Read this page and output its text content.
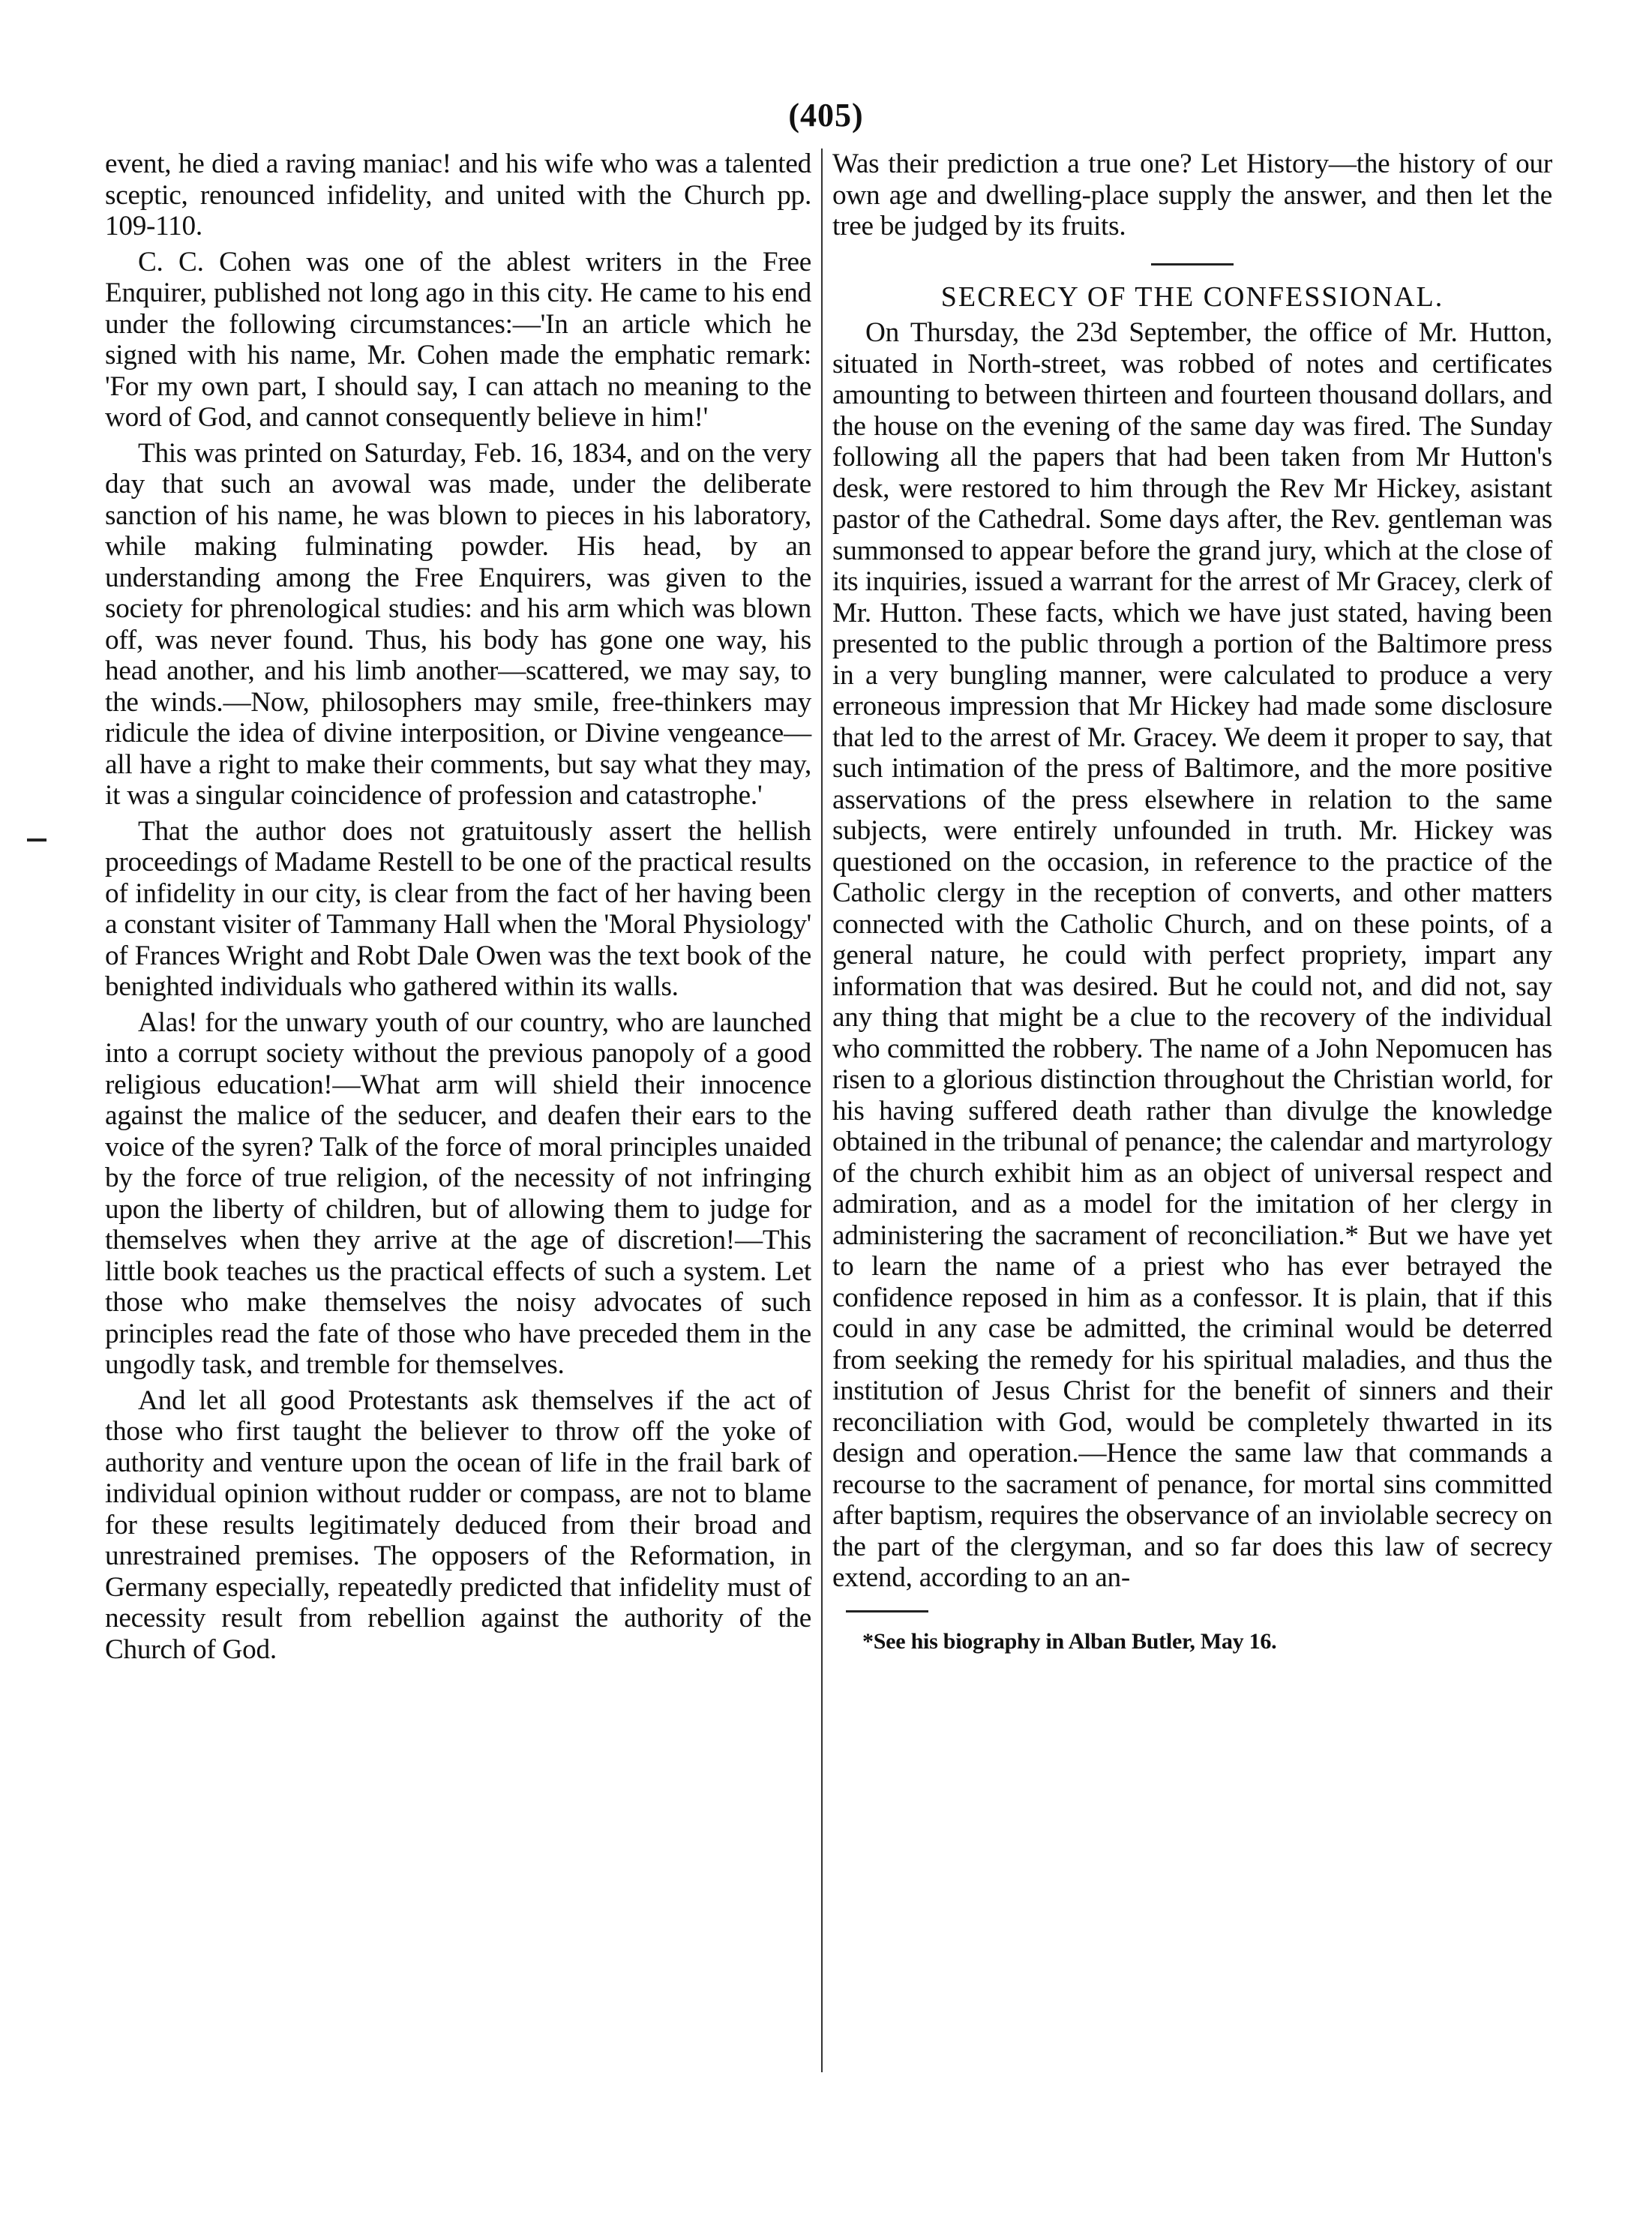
(405)

event, he died a raving maniac! and his wife who was a talented sceptic, renounced infidelity, and united with the Church pp. 109-110.

C. C. Cohen was one of the ablest writers in the Free Enquirer, published not long ago in this city. He came to his end under the following circumstances:—'In an article which he signed with his name, Mr. Cohen made the emphatic remark: 'For my own part, I should say, I can attach no meaning to the word of God, and cannot consequently believe in him!'

This was printed on Saturday, Feb. 16, 1834, and on the very day that such an avowal was made, under the deliberate sanction of his name, he was blown to pieces in his laboratory, while making fulminating powder. His head, by an understanding among the Free Enquirers, was given to the society for phrenological studies: and his arm which was blown off, was never found. Thus, his body has gone one way, his head another, and his limb another—scattered, we may say, to the winds.—Now, philosophers may smile, free-thinkers may ridicule the idea of divine interposition, or Divine vengeance—all have a right to make their comments, but say what they may, it was a singular coincidence of profession and catastrophe.'

That the author does not gratuitously assert the hellish proceedings of Madame Restell to be one of the practical results of infidelity in our city, is clear from the fact of her having been a constant visiter of Tammany Hall when the 'Moral Physiology' of Frances Wright and Robt Dale Owen was the text book of the benighted individuals who gathered within its walls.

Alas! for the unwary youth of our country, who are launched into a corrupt society without the previous panopoly of a good religious education!—What arm will shield their innocence against the malice of the seducer, and deafen their ears to the voice of the syren? Talk of the force of moral principles unaided by the force of true religion, of the necessity of not infringing upon the liberty of children, but of allowing them to judge for themselves when they arrive at the age of discretion!—This little book teaches us the practical effects of such a system. Let those who make themselves the noisy advocates of such principles read the fate of those who have preceded them in the ungodly task, and tremble for themselves.

And let all good Protestants ask themselves if the act of those who first taught the believer to throw off the yoke of authority and venture upon the ocean of life in the frail bark of individual opinion without rudder or compass, are not to blame for these results legitimately deduced from their broad and unrestrained premises. The opposers of the Reformation, in Germany especially, repeatedly predicted that infidelity must of necessity result from rebellion against the authority of the Church of God.

Was their prediction a true one? Let History—the history of our own age and dwelling-place supply the answer, and then let the tree be judged by its fruits.

SECRECY OF THE CONFESSIONAL.

On Thursday, the 23d September, the office of Mr. Hutton, situated in North-street, was robbed of notes and certificates amounting to between thirteen and fourteen thousand dollars, and the house on the evening of the same day was fired. The Sunday following all the papers that had been taken from Mr Hutton's desk, were restored to him through the Rev Mr Hickey, asistant pastor of the Cathedral. Some days after, the Rev. gentleman was summonsed to appear before the grand jury, which at the close of its inquiries, issued a warrant for the arrest of Mr Gracey, clerk of Mr. Hutton. These facts, which we have just stated, having been presented to the public through a portion of the Baltimore press in a very bungling manner, were calculated to produce a very erroneous impression that Mr Hickey had made some disclosure that led to the arrest of Mr. Gracey. We deem it proper to say, that such intimation of the press of Baltimore, and the more positive asservations of the press elsewhere in relation to the same subjects, were entirely unfounded in truth. Mr. Hickey was questioned on the occasion, in reference to the practice of the Catholic clergy in the reception of converts, and other matters connected with the Catholic Church, and on these points, of a general nature, he could with perfect propriety, impart any information that was desired. But he could not, and did not, say any thing that might be a clue to the recovery of the individual who committed the robbery. The name of a John Nepomucen has risen to a glorious distinction throughout the Christian world, for his having suffered death rather than divulge the knowledge obtained in the tribunal of penance; the calendar and martyrology of the church exhibit him as an object of universal respect and admiration, and as a model for the imitation of her clergy in administering the sacrament of reconciliation.* But we have yet to learn the name of a priest who has ever betrayed the confidence reposed in him as a confessor. It is plain, that if this could in any case be admitted, the criminal would be deterred from seeking the remedy for his spiritual maladies, and thus the institution of Jesus Christ for the benefit of sinners and their reconciliation with God, would be completely thwarted in its design and operation.—Hence the same law that commands a recourse to the sacrament of penance, for mortal sins committed after baptism, requires the observance of an inviolable secrecy on the part of the clergyman, and so far does this law of secrecy extend, according to an an-

*See his biography in Alban Butler, May 16.
